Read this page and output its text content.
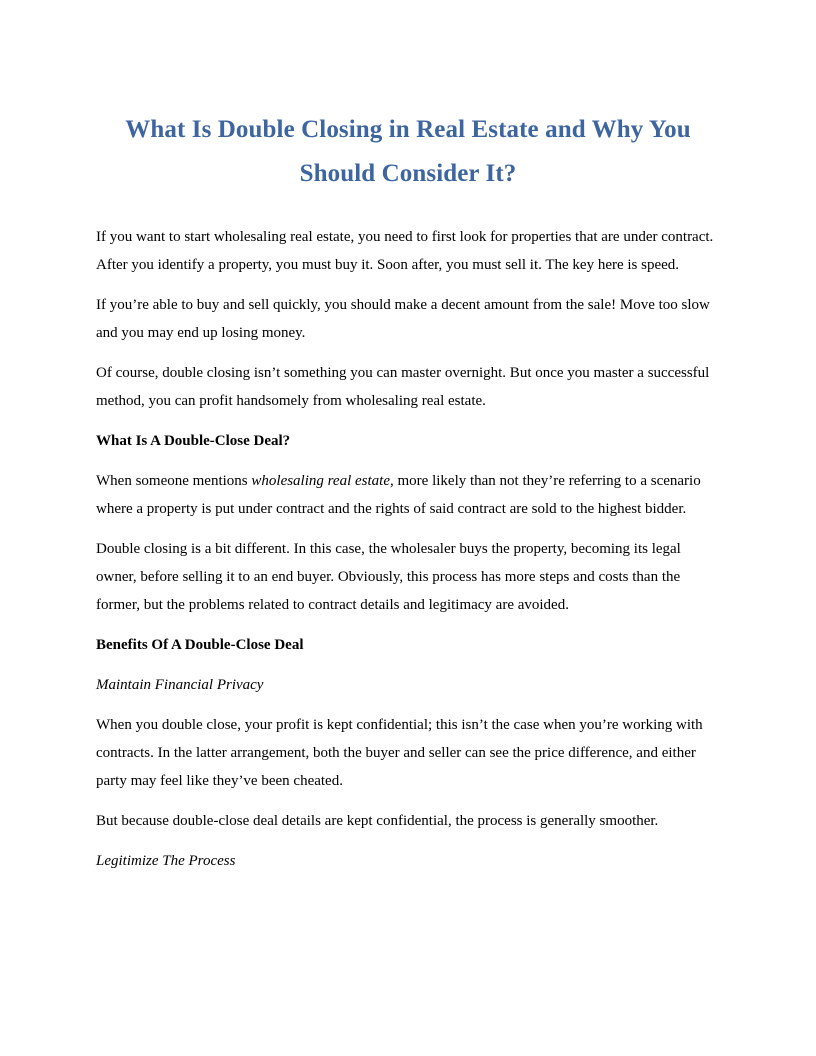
What Is Double Closing in Real Estate and Why You
Should Consider It?

If you want to start wholesaling real estate, you need to first look for properties that are under contract. After you identify a property, you must buy it. Soon after, you must sell it. The key here is speed.

If you’re able to buy and sell quickly, you should make a decent amount from the sale! Move too slow and you may end up losing money.

Of course, double closing isn’t something you can master overnight. But once you master a successful method, you can profit handsomely from wholesaling real estate.

What Is A Double-Close Deal?

When someone mentions wholesaling real estate, more likely than not they’re referring to a scenario where a property is put under contract and the rights of said contract are sold to the highest bidder.

Double closing is a bit different. In this case, the wholesaler buys the property, becoming its legal owner, before selling it to an end buyer. Obviously, this process has more steps and costs than the former, but the problems related to contract details and legitimacy are avoided.

Benefits Of A Double-Close Deal

Maintain Financial Privacy

When you double close, your profit is kept confidential; this isn’t the case when you’re working with contracts. In the latter arrangement, both the buyer and seller can see the price difference, and either party may feel like they’ve been cheated.

But because double-close deal details are kept confidential, the process is generally smoother.

Legitimize The Process
